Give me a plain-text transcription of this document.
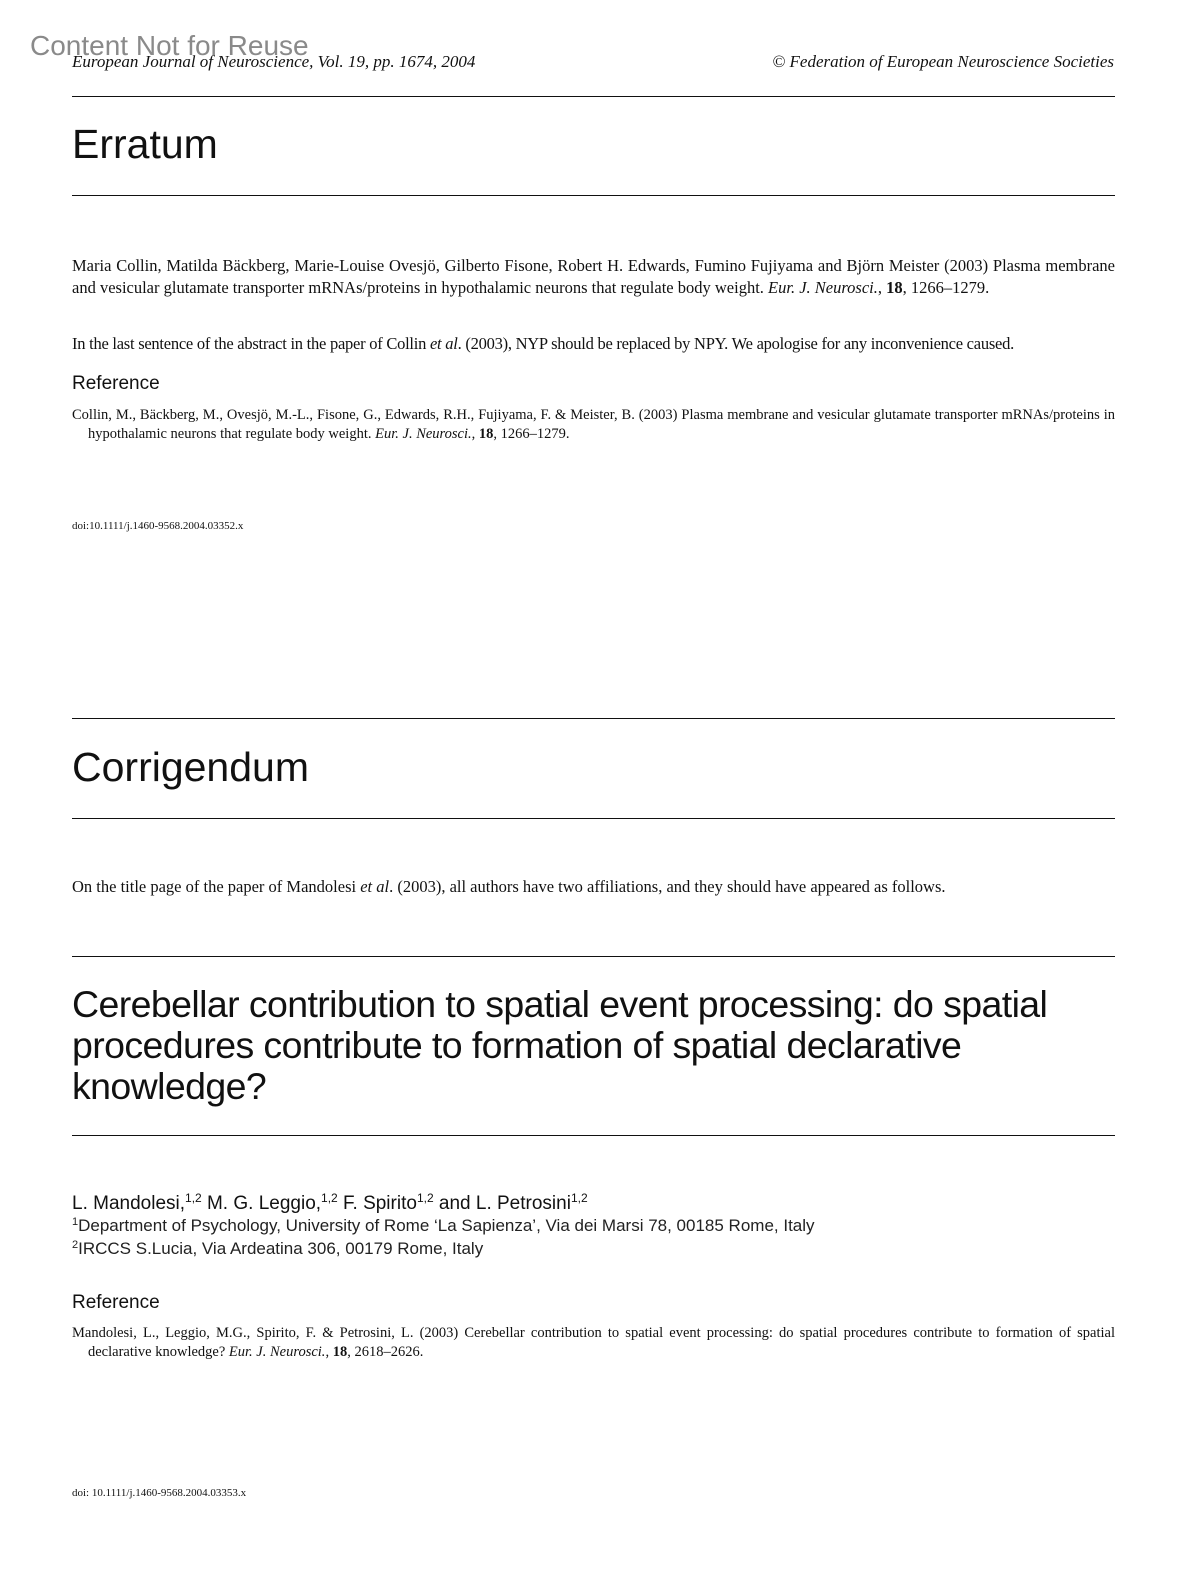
European Journal of Neuroscience, Vol. 19, pp. 1674, 2004	© Federation of European Neuroscience Societies
Content Not for Reuse
Erratum
Maria Collin, Matilda Bäckberg, Marie-Louise Ovesjö, Gilberto Fisone, Robert H. Edwards, Fumino Fujiyama and Björn Meister (2003) Plasma membrane and vesicular glutamate transporter mRNAs/proteins in hypothalamic neurons that regulate body weight. Eur. J. Neurosci., 18, 1266–1279.
In the last sentence of the abstract in the paper of Collin et al. (2003), NYP should be replaced by NPY. We apologise for any inconvenience caused.
Reference
Collin, M., Bäckberg, M., Ovesjö, M.-L., Fisone, G., Edwards, R.H., Fujiyama, F. & Meister, B. (2003) Plasma membrane and vesicular glutamate transporter mRNAs/proteins in hypothalamic neurons that regulate body weight. Eur. J. Neurosci., 18, 1266–1279.
doi:10.1111/j.1460-9568.2004.03352.x
Corrigendum
On the title page of the paper of Mandolesi et al. (2003), all authors have two affiliations, and they should have appeared as follows.
Cerebellar contribution to spatial event processing: do spatial procedures contribute to formation of spatial declarative knowledge?
L. Mandolesi,$^{1,2}$ M. G. Leggio,$^{1,2}$ F. Spirito$^{1,2}$ and L. Petrosini$^{1,2}$
$^1$Department of Psychology, University of Rome ‘La Sapienza’, Via dei Marsi 78, 00185 Rome, Italy
$^2$IRCCS S.Lucia, Via Ardeatina 306, 00179 Rome, Italy
Reference
Mandolesi, L., Leggio, M.G., Spirito, F. & Petrosini, L. (2003) Cerebellar contribution to spatial event processing: do spatial procedures contribute to formation of spatial declarative knowledge? Eur. J. Neurosci., 18, 2618–2626.
doi: 10.1111/j.1460-9568.2004.03353.x
